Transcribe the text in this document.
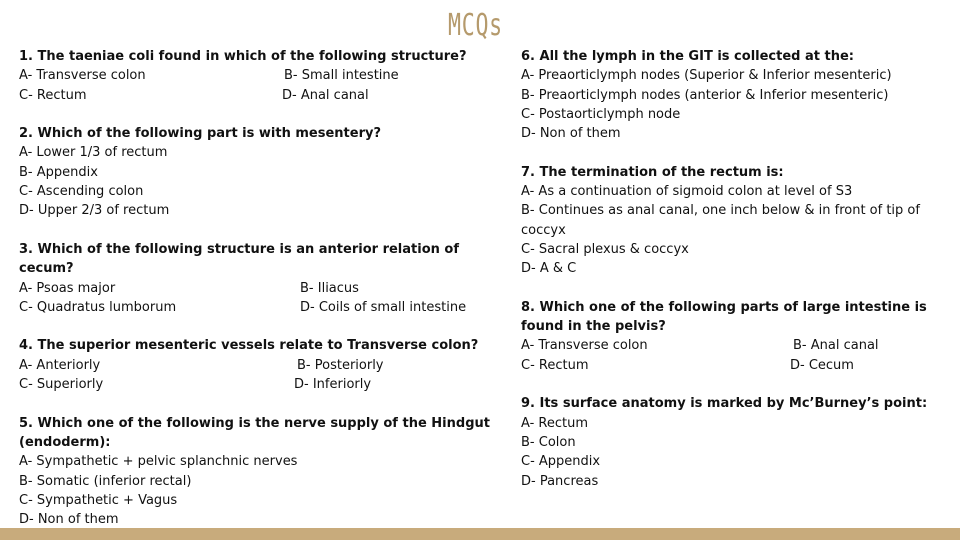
MCQs
1. The taeniae coli found in which of the following structure?
A- Transverse colon	B- Small intestine
C- Rectum	D- Anal canal
2. Which of the following part is with mesentery?
A- Lower 1/3 of rectum
B- Appendix
C- Ascending colon
D- Upper 2/3 of rectum
3. Which of the following structure is an anterior relation of
cecum?
A- Psoas major	B- Iliacus
C- Quadratus lumborum	D- Coils of small intestine
4. The superior mesenteric vessels relate to Transverse colon?
A- Anteriorly	B- Posteriorly
C- Superiorly	D- Inferiorly
5. Which one of the following is the nerve supply of the Hindgut
(endoderm):
A- Sympathetic + pelvic splanchnic nerves
B- Somatic (inferior rectal)
C- Sympathetic + Vagus
D- Non of them
6. All the lymph in the GIT is collected at the:
A- Preaorticlymph nodes (Superior & Inferior mesenteric)
B- Preaorticlymph nodes (anterior & Inferior mesenteric)
C- Postaorticlymph node
D- Non of them
7. The termination of the rectum is:
A- As a continuation of sigmoid colon at level of S3
B- Continues as anal canal, one inch below & in front of tip of
coccyx
C- Sacral plexus & coccyx
D- A & C
8. Which one of the following parts of large intestine is
found in the pelvis?
A- Transverse colon	B- Anal canal
C- Rectum	D- Cecum
9. Its surface anatomy is marked by Mc’Burney’s point:
A- Rectum
B- Colon
C- Appendix
D- Pancreas
